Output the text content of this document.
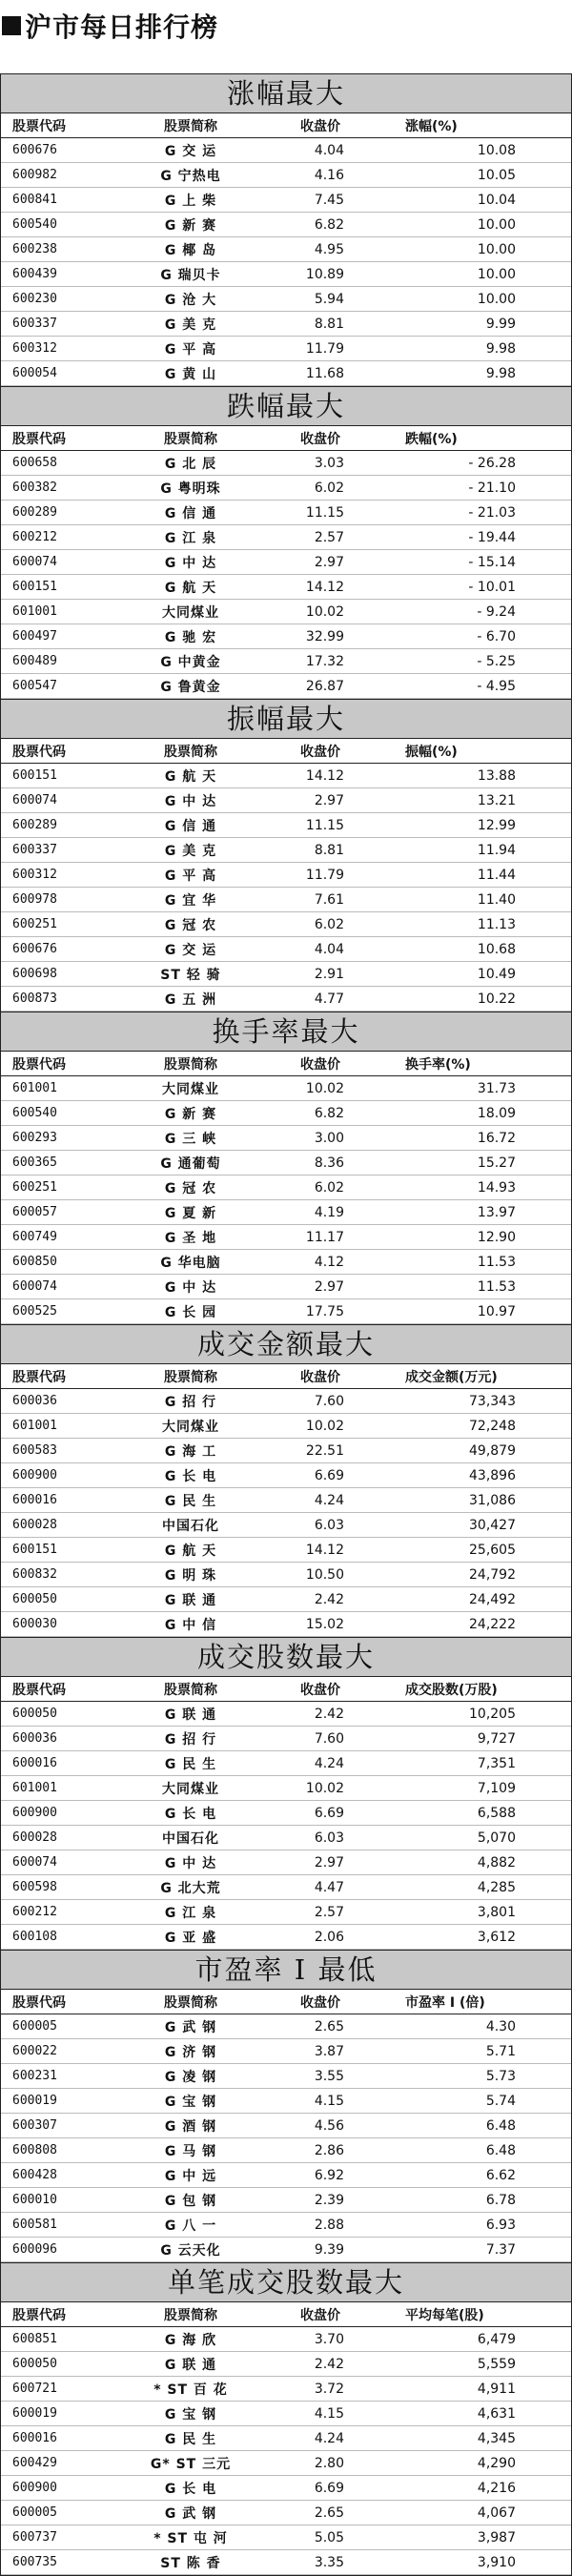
沪市每日排行榜
涨幅最大
股票代码	股票简称	收盘价	涨幅(%)
600676	G 交 运	4.04	10.08
600982	G 宁热电	4.16	10.05
600841	G 上 柴	7.45	10.04
600540	G 新 赛	6.82	10.00
600238	G 椰 岛	4.95	10.00
600439	G 瑞贝卡	10.89	10.00
600230	G 沧 大	5.94	10.00
600337	G 美 克	8.81	9.99
600312	G 平 高	11.79	9.98
600054	G 黄 山	11.68	9.98
跌幅最大
股票代码	股票简称	收盘价	跌幅(%)
600658	G 北 辰	3.03	- 26.28
600382	G 粤明珠	6.02	- 21.10
600289	G 信 通	11.15	- 21.03
600212	G 江 泉	2.57	- 19.44
600074	G 中 达	2.97	- 15.14
600151	G 航 天	14.12	- 10.01
601001	大同煤业	10.02	- 9.24
600497	G 驰 宏	32.99	- 6.70
600489	G 中黄金	17.32	- 5.25
600547	G 鲁黄金	26.87	- 4.95
振幅最大
股票代码	股票简称	收盘价	振幅(%)
600151	G 航 天	14.12	13.88
600074	G 中 达	2.97	13.21
600289	G 信 通	11.15	12.99
600337	G 美 克	8.81	11.94
600312	G 平 高	11.79	11.44
600978	G 宜 华	7.61	11.40
600251	G 冠 农	6.02	11.13
600676	G 交 运	4.04	10.68
600698	ST 轻 骑	2.91	10.49
600873	G 五 洲	4.77	10.22
换手率最大
股票代码	股票简称	收盘价	换手率(%)
601001	大同煤业	10.02	31.73
600540	G 新 赛	6.82	18.09
600293	G 三 峡	3.00	16.72
600365	G 通葡萄	8.36	15.27
600251	G 冠 农	6.02	14.93
600057	G 夏 新	4.19	13.97
600749	G 圣 地	11.17	12.90
600850	G 华电脑	4.12	11.53
600074	G 中 达	2.97	11.53
600525	G 长 园	17.75	10.97
成交金额最大
股票代码	股票简称	收盘价	成交金额(万元)
600036	G 招 行	7.60	73,343
601001	大同煤业	10.02	72,248
600583	G 海 工	22.51	49,879
600900	G 长 电	6.69	43,896
600016	G 民 生	4.24	31,086
600028	中国石化	6.03	30,427
600151	G 航 天	14.12	25,605
600832	G 明 珠	10.50	24,792
600050	G 联 通	2.42	24,492
600030	G 中 信	15.02	24,222
成交股数最大
股票代码	股票简称	收盘价	成交股数(万股)
600050	G 联 通	2.42	10,205
600036	G 招 行	7.60	9,727
600016	G 民 生	4.24	7,351
601001	大同煤业	10.02	7,109
600900	G 长 电	6.69	6,588
600028	中国石化	6.03	5,070
600074	G 中 达	2.97	4,882
600598	G 北大荒	4.47	4,285
600212	G 江 泉	2.57	3,801
600108	G 亚 盛	2.06	3,612
市盈率 I 最低
股票代码	股票简称	收盘价	市盈率 I (倍)
600005	G 武 钢	2.65	4.30
600022	G 济 钢	3.87	5.71
600231	G 凌 钢	3.55	5.73
600019	G 宝 钢	4.15	5.74
600307	G 酒 钢	4.56	6.48
600808	G 马 钢	2.86	6.48
600428	G 中 远	6.92	6.62
600010	G 包 钢	2.39	6.78
600581	G 八 一	2.88	6.93
600096	G 云天化	9.39	7.37
单笔成交股数最大
股票代码	股票简称	收盘价	平均每笔(股)
600851	G 海 欣	3.70	6,479
600050	G 联 通	2.42	5,559
600721	* ST 百 花	3.72	4,911
600019	G 宝 钢	4.15	4,631
600016	G 民 生	4.24	4,345
600429	G* ST 三元	2.80	4,290
600900	G 长 电	6.69	4,216
600005	G 武 钢	2.65	4,067
600737	* ST 屯 河	5.05	3,987
600735	ST 陈 香	3.35	3,910
